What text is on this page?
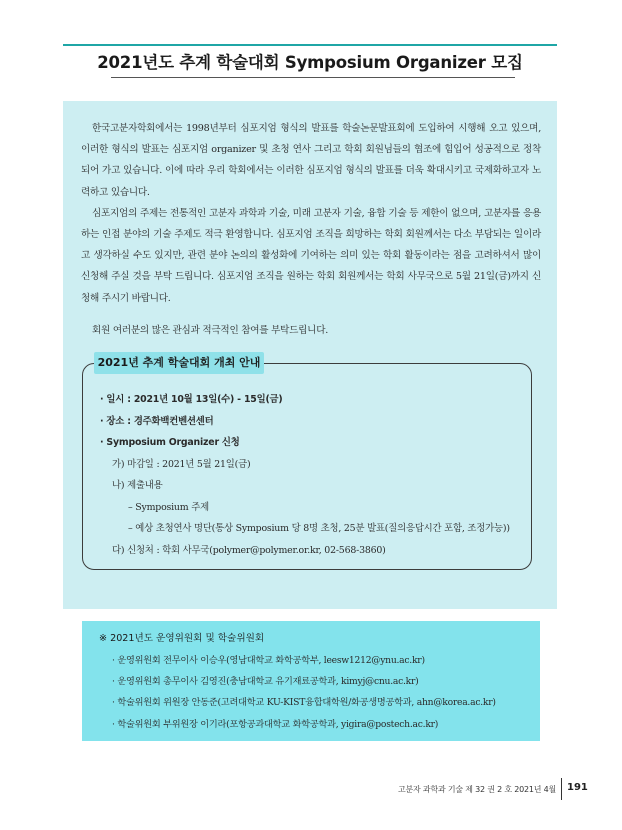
2021년도 추계 학술대회 Symposium Organizer 모집

한국고분자학회에서는 1998년부터 심포지엄 형식의 발표를 학술논문발표회에 도입하여 시행해 오고 있으며, 이러한 형식의 발표는 심포지엄 organizer 및 초청 연사 그리고 학회 회원님들의 협조에 힘입어 성공적으로 정착되어 가고 있습니다. 이에 따라 우리 학회에서는 이러한 심포지엄 형식의 발표를 더욱 확대시키고 국제화하고자 노력하고 있습니다.

심포지엄의 주제는 전통적인 고분자 과학과 기술, 미래 고분자 기술, 융합 기술 등 제한이 없으며, 고분자를 응용하는 인접 분야의 기술 주제도 적극 환영합니다. 심포지엄 조직을 희망하는 학회 회원께서는 다소 부담되는 일이라고 생각하실 수도 있지만, 관련 분야 논의의 활성화에 기여하는 의미 있는 학회 활동이라는 점을 고려하셔서 많이 신청해 주실 것을 부탁 드립니다. 심포지엄 조직을 원하는 학회 회원께서는 학회 사무국으로 5월 21일(금)까지 신청해 주시기 바랍니다.

회원 여러분의 많은 관심과 적극적인 참여를 부탁드립니다.

2021년 추계 학술대회 개최 안내
· 일시 : 2021년 10월 13일(수) - 15일(금)
· 장소 : 경주화백컨벤션센터
· Symposium Organizer 신청
가) 마감일 : 2021년 5월 21일(금)
나) 제출내용
– Symposium 주제
– 예상 초청연사 명단(통상 Symposium 당 8명 초청, 25분 발표(질의응답시간 포함, 조정가능))
다) 신청처 : 학회 사무국(polymer@polymer.or.kr, 02-568-3860)
※ 2021년도 운영위원회 및 학술위원회
· 운영위원회 전무이사 이승우(영남대학교 화학공학부, leesw1212@ynu.ac.kr)
· 운영위원회 총무이사 김영진(충남대학교 유기재료공학과, kimyj@cnu.ac.kr)
· 학술위원회 위원장 안동준(고려대학교 KU-KIST융합대학원/화공생명공학과, ahn@korea.ac.kr)
· 학술위원회 부위원장 이기라(포항공과대학교 화학공학과, yigira@postech.ac.kr)
고분자 과학과 기술 제 32 권 2 호 2021년 4월 191
